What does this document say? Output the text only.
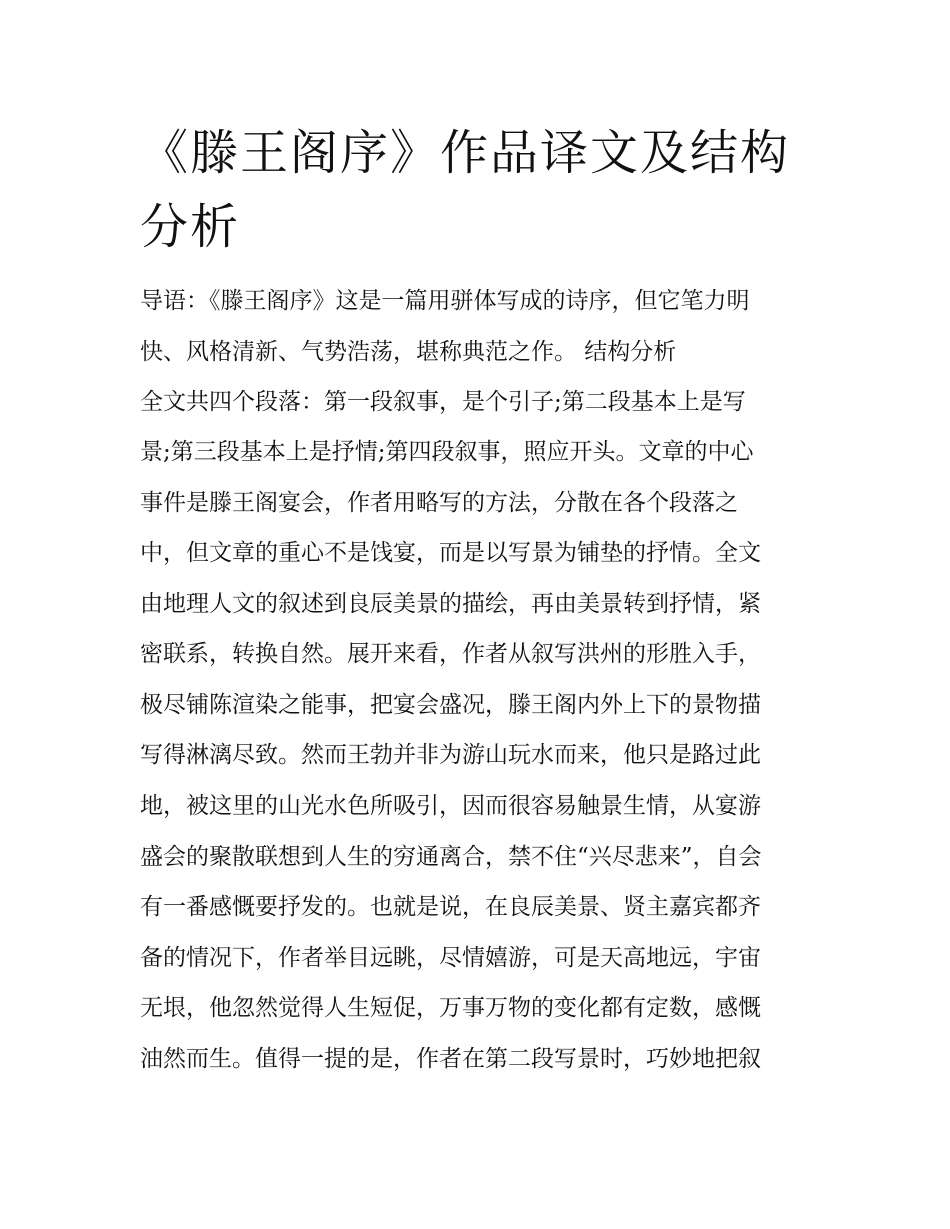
《滕王阁序》作品译文及结构分析

导语：《滕王阁序》这是一篇用骈体写成的诗序，但它笔力明

快、风格清新、气势浩荡，堪称典范之作。 结构分析

全文共四个段落：第一段叙事，是个引子;第二段基本上是写

景;第三段基本上是抒情;第四段叙事，照应开头。文章的中心

事件是滕王阁宴会，作者用略写的方法，分散在各个段落之

中，但文章的重心不是饯宴，而是以写景为铺垫的抒情。全文

由地理人文的叙述到良辰美景的描绘，再由美景转到抒情，紧

密联系，转换自然。展开来看，作者从叙写洪州的形胜入手，

极尽铺陈渲染之能事，把宴会盛况，滕王阁内外上下的景物描

写得淋漓尽致。然而王勃并非为游山玩水而来，他只是路过此

地，被这里的山光水色所吸引，因而很容易触景生情，从宴游

盛会的聚散联想到人生的穷通离合，禁不住“兴尽悲来”，自会

有一番感慨要抒发的。也就是说，在良辰美景、贤主嘉宾都齐

备的情况下，作者举目远眺，尽情嬉游，可是天高地远，宇宙

无垠，他忽然觉得人生短促，万事万物的变化都有定数，感慨

油然而生。值得一提的是，作者在第二段写景时，巧妙地把叙
